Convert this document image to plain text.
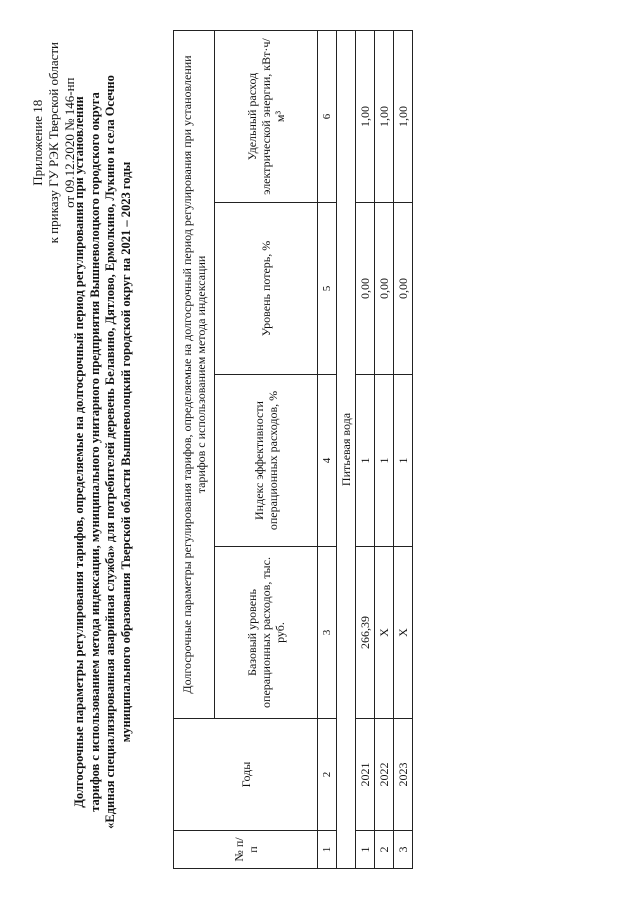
Приложение 18 к приказу ГУ РЭК Тверской области от 09.12.2020 № 146-нп
Долгосрочные параметры регулирования тарифов, определяемые на долгосрочный период регулирования при установлении тарифов с использованием метода индексации, муниципального унитарного предприятия Вышневолоцкого городского округа «Единая специализированная аварийная служба» для потребителей деревень Белавино, Дятлово, Ермолкино, Лукино и села Осечно муниципального образования Тверской области Вышневолоцкий городской округ на 2021 – 2023 годы
№ п/п	Годы	Долгосрочные параметры регулирования тарифов, определяемые на долгосрочный период регулирования при установлении тарифов с использованием метода индексации			
		Базовый уровень операционных расходов, тыс. руб.	Индекс эффективности операционных расходов, %	Уровень потерь, %	Удельный расход электрической энергии, кВт·ч/м³
1	2	3	4	5	6
Питьевая вода					
1	2021	266,39	1	0,00	1,00
2	2022	X	1	0,00	1,00
3	2023	X	1	0,00	1,00
